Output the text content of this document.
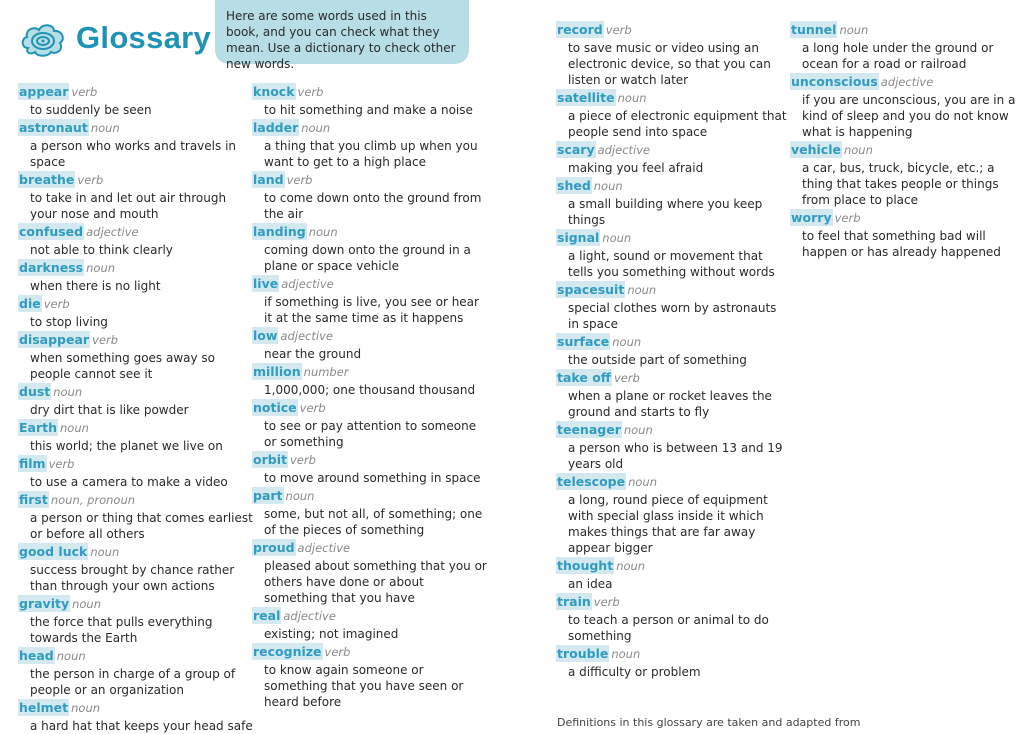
Glossary
Here are some words used in this book, and you can check what they mean. Use a dictionary to check other new words.
appear verb
to suddenly be seen
astronaut noun
a person who works and travels in space
breathe verb
to take in and let out air through your nose and mouth
confused adjective
not able to think clearly
darkness noun
when there is no light
die verb
to stop living
disappear verb
when something goes away so people cannot see it
dust noun
dry dirt that is like powder
Earth noun
this world; the planet we live on
film verb
to use a camera to make a video
first noun, pronoun
a person or thing that comes earliest or before all others
good luck noun
success brought by chance rather than through your own actions
gravity noun
the force that pulls everything towards the Earth
head noun
the person in charge of a group of people or an organization
helmet noun
a hard hat that keeps your head safe
knock verb
to hit something and make a noise
ladder noun
a thing that you climb up when you want to get to a high place
land verb
to come down onto the ground from the air
landing noun
coming down onto the ground in a plane or space vehicle
live adjective
if something is live, you see or hear it at the same time as it happens
low adjective
near the ground
million number
1,000,000; one thousand thousand
notice verb
to see or pay attention to someone or something
orbit verb
to move around something in space
part noun
some, but not all, of something; one of the pieces of something
proud adjective
pleased about something that you or others have done or about something that you have
real adjective
existing; not imagined
recognize verb
to know again someone or something that you have seen or heard before
record verb
to save music or video using an electronic device, so that you can listen or watch later
satellite noun
a piece of electronic equipment that people send into space
scary adjective
making you feel afraid
shed noun
a small building where you keep things
signal noun
a light, sound or movement that tells you something without words
spacesuit noun
special clothes worn by astronauts in space
surface noun
the outside part of something
take off verb
when a plane or rocket leaves the ground and starts to fly
teenager noun
a person who is between 13 and 19 years old
telescope noun
a long, round piece of equipment with special glass inside it which makes things that are far away appear bigger
thought noun
an idea
train verb
to teach a person or animal to do something
trouble noun
a difficulty or problem
tunnel noun
a long hole under the ground or ocean for a road or railroad
unconscious adjective
if you are unconscious, you are in a kind of sleep and you do not know what is happening
vehicle noun
a car, bus, truck, bicycle, etc.; a thing that takes people or things from place to place
worry verb
to feel that something bad will happen or has already happened
Definitions in this glossary are taken and adapted from
